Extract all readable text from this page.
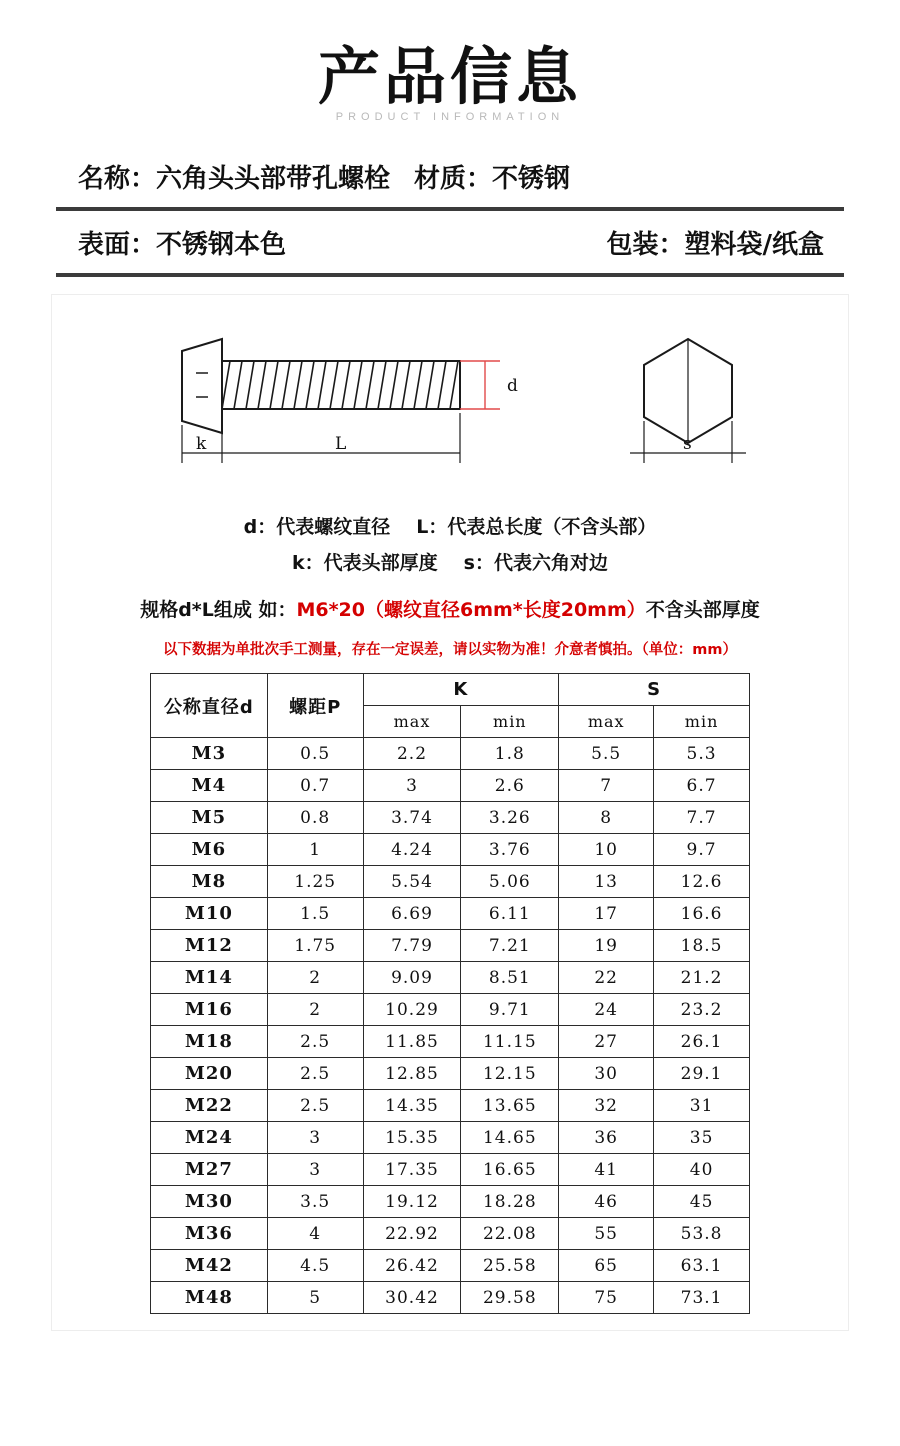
产品信息
PRODUCT INFORMATION
名称：六角头头部带孔螺栓 材质：不锈钢
表面：不锈钢本色	包装：塑料袋/纸盒
d
L
k	s
d：代表螺纹直径 L：代表总长度（不含头部）
k：代表头部厚度 s：代表六角对边
规格d*L组成 如：M6*20（螺纹直径6mm*长度20mm）不含头部厚度
以下数据为单批次手工测量，存在一定误差，请以实物为准！介意者慎拍。（单位：mm）
公称直径d	螺距P	K		S	
		max	min	max	min
M3	0.5	2.2	1.8	5.5	5.3
M4	0.7	3	2.6	7	6.7
M5	0.8	3.74	3.26	8	7.7
M6	1	4.24	3.76	10	9.7
M8	1.25	5.54	5.06	13	12.6
M10	1.5	6.69	6.11	17	16.6
M12	1.75	7.79	7.21	19	18.5
M14	2	9.09	8.51	22	21.2
M16	2	10.29	9.71	24	23.2
M18	2.5	11.85	11.15	27	26.1
M20	2.5	12.85	12.15	30	29.1
M22	2.5	14.35	13.65	32	31
M24	3	15.35	14.65	36	35
M27	3	17.35	16.65	41	40
M30	3.5	19.12	18.28	46	45
M36	4	22.92	22.08	55	53.8
M42	4.5	26.42	25.58	65	63.1
M48	5	30.42	29.58	75	73.1
